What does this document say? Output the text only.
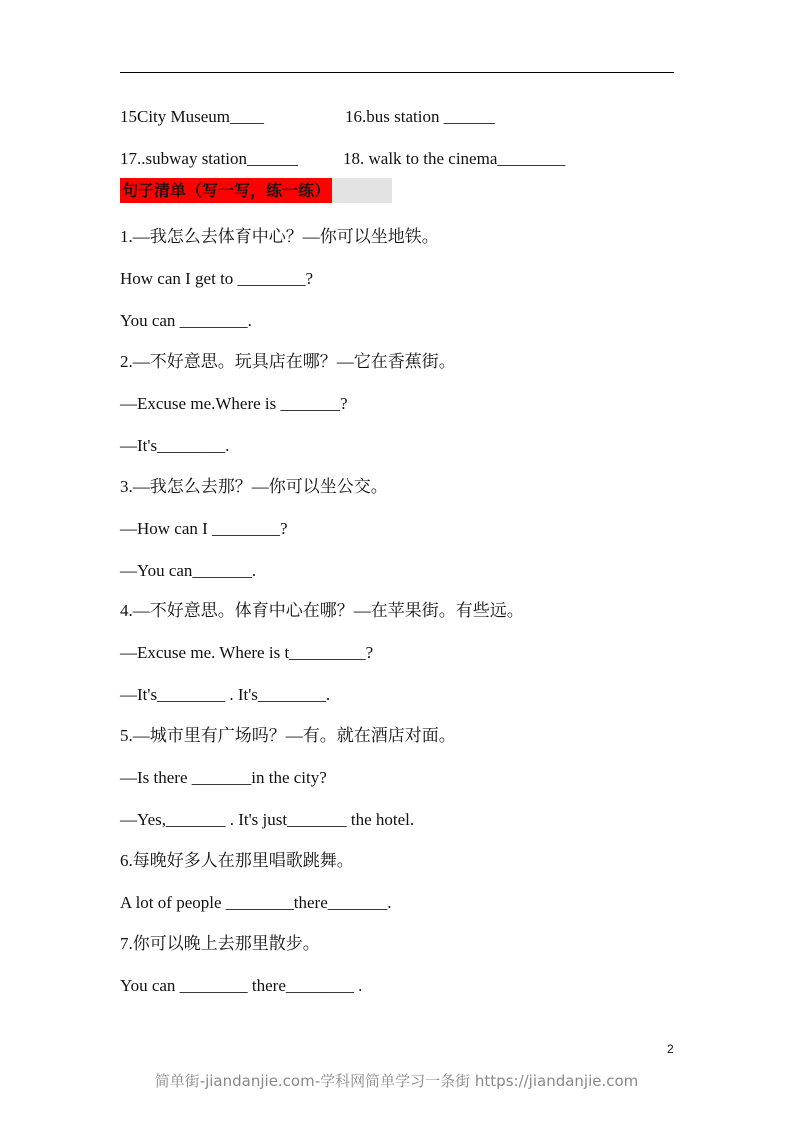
15City Museum____	16.bus station ______
17..subway station______	18. walk to the cinema________
句子清单（写一写，练一练）
1.—我怎么去体育中心？—你可以坐地铁。
How can I get to ________?
You can ________.
2.—不好意思。玩具店在哪？—它在香蕉街。
—Excuse me.Where is _______?
—It's________.
3.—我怎么去那？—你可以坐公交。
—How can I ________?
—You can_______.
4.—不好意思。体育中心在哪？—在苹果街。有些远。
—Excuse me. Where is t_________?
—It's________ . It's________.
5.—城市里有广场吗？—有。就在酒店对面。
—Is there _______in the city?
—Yes,_______ . It's just_______ the hotel.
6.每晚好多人在那里唱歌跳舞。
A lot of people ________there_______.
7.你可以晚上去那里散步。
You can ________ there________ .
2
简单街-jiandanjie.com-学科网简单学习一条街 https://jiandanjie.com
